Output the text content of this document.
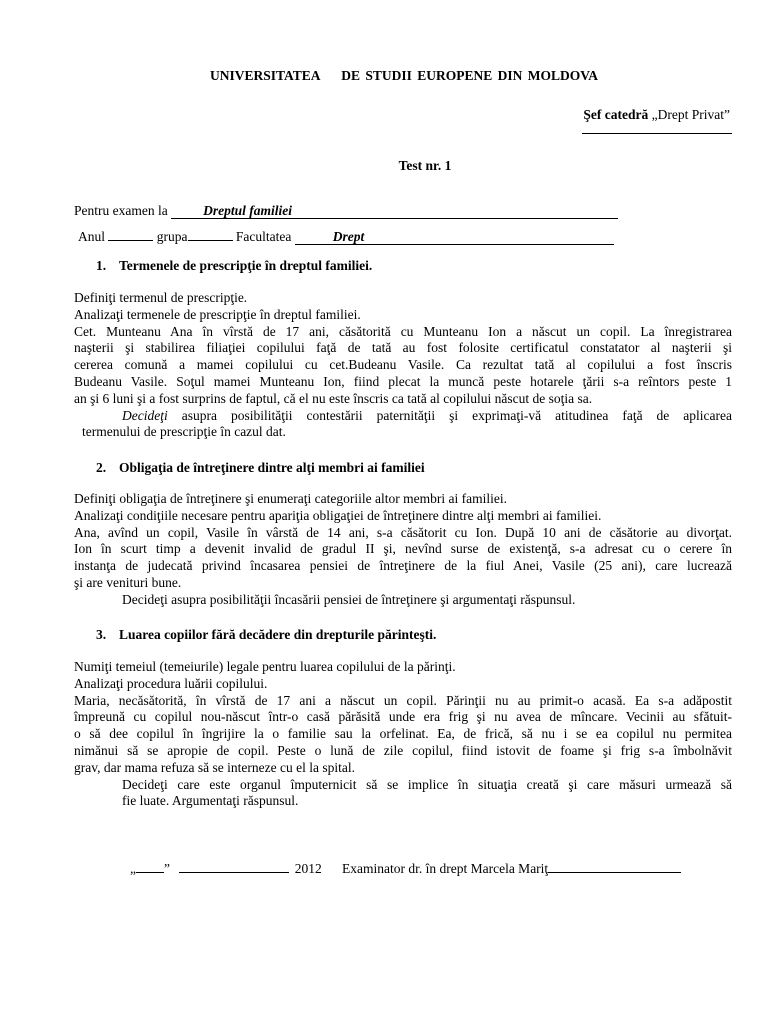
UNIVERSITATEA    DE STUDII EUROPENE DIN MOLDOVA
Şef catedră „Drept Privat”
Test nr. 1
Pentru examen la	Dreptul familiei
Anul	grupa	Facultatea	Drept
1. Termenele de prescripţie în dreptul familiei.

Definiţi termenul de prescripţie.

Analizaţi termenele de prescripţie în dreptul familiei.

Cet. Munteanu Ana în vîrstă de 17 ani, căsătorită cu Munteanu Ion a născut un copil. La înregistrarea

naşterii şi stabilirea filiaţiei copilului faţă de tată au fost folosite certificatul constatator al naşterii şi

cererea comună a mamei copilului cu cet.Budeanu Vasile. Ca rezultat tată al copilului a fost înscris

Budeanu Vasile. Soţul mamei Munteanu Ion, fiind plecat la muncă peste hotarele ţării s-a reîntors peste 1

an şi 6 luni şi a fost surprins de faptul, că el nu este înscris ca tată al copilului născut de soţia sa.

Decideţi asupra posibilităţii contestării paternităţii şi exprimaţi-vă atitudinea faţă de aplicarea

termenului de prescripţie în cazul dat.

2. Obligaţia de întreţinere dintre alţi membri ai familiei

Definiţi obligaţia de întreţinere şi enumeraţi categoriile altor membri ai familiei.

Analizaţi condiţiile necesare pentru apariţia obligaţiei de întreţinere dintre alţi membri ai familiei.

Ana, avînd un copil, Vasile în vârstă de 14 ani, s-a căsătorit cu Ion. După 10 ani de căsătorie au divorţat.

Ion în scurt timp a devenit invalid de gradul II şi, nevînd surse de existenţă, s-a adresat cu o cerere în

instanţa de judecată privind încasarea pensiei de întreţinere de la fiul Anei, Vasile (25 ani), care lucrează

şi are venituri bune.

Decideţi asupra posibilităţii încasării pensiei de întreţinere şi argumentaţi răspunsul.

3. Luarea copiilor fără decădere din drepturile părinteşti.

Numiţi temeiul (temeiurile) legale pentru luarea copilului de la părinţi.

Analizaţi procedura luării copilului.

Maria, necăsătorită, în vîrstă de 17 ani a născut un copil. Părinţii nu au primit-o acasă. Ea s-a adăpostit

împreună cu copilul nou-născut într-o casă părăsită unde era frig şi nu avea de mîncare. Vecinii au sfătuit-

o să dee copilul în îngrijire la o familie sau la orfelinat. Ea, de frică, să nu i se ea copilul nu permitea

nimănui să se apropie de copil. Peste o lună de zile copilul, fiind istovit de foame şi frig s-a îmbolnăvit

grav, dar mama refuza să se interneze cu el la spital.

Decideţi care este organul împuternicit să se implice în situaţia creată şi care măsuri urmează să

fie luate. Argumentaţi răspunsul.

„ ”	2012 Examinator dr. în drept Marcela Mariţ
